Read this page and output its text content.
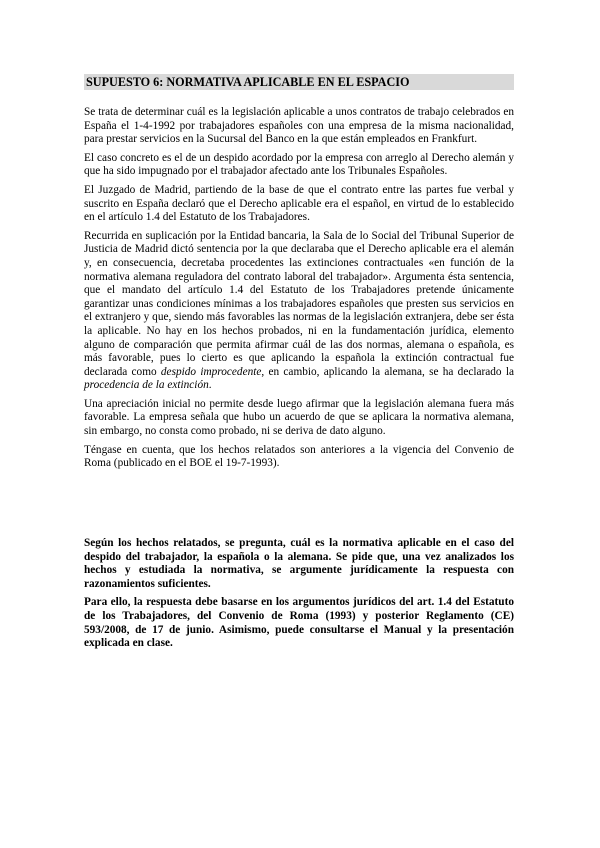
SUPUESTO 6: NORMATIVA APLICABLE EN EL ESPACIO

Se trata de determinar cuál es la legislación aplicable a unos contratos de trabajo celebrados en España el 1-4-1992 por trabajadores españoles con una empresa de la misma nacionalidad, para prestar servicios en la Sucursal del Banco en la que están empleados en Frankfurt.

El caso concreto es el de un despido acordado por la empresa con arreglo al Derecho alemán y que ha sido impugnado por el trabajador afectado ante los Tribunales Españoles.

El Juzgado de Madrid, partiendo de la base de que el contrato entre las partes fue verbal y suscrito en España declaró que el Derecho aplicable era el español, en virtud de lo establecido en el artículo 1.4 del Estatuto de los Trabajadores.

Recurrida en suplicación por la Entidad bancaria, la Sala de lo Social del Tribunal Superior de Justicia de Madrid dictó sentencia por la que declaraba que el Derecho aplicable era el alemán y, en consecuencia, decretaba procedentes las extinciones contractuales «en función de la normativa alemana reguladora del contrato laboral del trabajador». Argumenta ésta sentencia, que el mandato del artículo 1.4 del Estatuto de los Trabajadores pretende únicamente garantizar unas condiciones mínimas a los trabajadores españoles que presten sus servicios en el extranjero y que, siendo más favorables las normas de la legislación extranjera, debe ser ésta la aplicable. No hay en los hechos probados, ni en la fundamentación jurídica, elemento alguno de comparación que permita afirmar cuál de las dos normas, alemana o española, es más favorable, pues lo cierto es que aplicando la española la extinción contractual fue declarada como despido improcedente, en cambio, aplicando la alemana, se ha declarado la procedencia de la extinción.

Una apreciación inicial no permite desde luego afirmar que la legislación alemana fuera más favorable. La empresa señala que hubo un acuerdo de que se aplicara la normativa alemana, sin embargo, no consta como probado, ni se deriva de dato alguno.

Téngase en cuenta, que los hechos relatados son anteriores a la vigencia del Convenio de Roma (publicado en el BOE el 19-7-1993).

Según los hechos relatados, se pregunta, cuál es la normativa aplicable en el caso del despido del trabajador, la española o la alemana. Se pide que, una vez analizados los hechos y estudiada la normativa, se argumente jurídicamente la respuesta con razonamientos suficientes.

Para ello, la respuesta debe basarse en los argumentos jurídicos del art. 1.4 del Estatuto de los Trabajadores, del Convenio de Roma (1993) y posterior Reglamento (CE) 593/2008, de 17 de junio. Asimismo, puede consultarse el Manual y la presentación explicada en clase.
